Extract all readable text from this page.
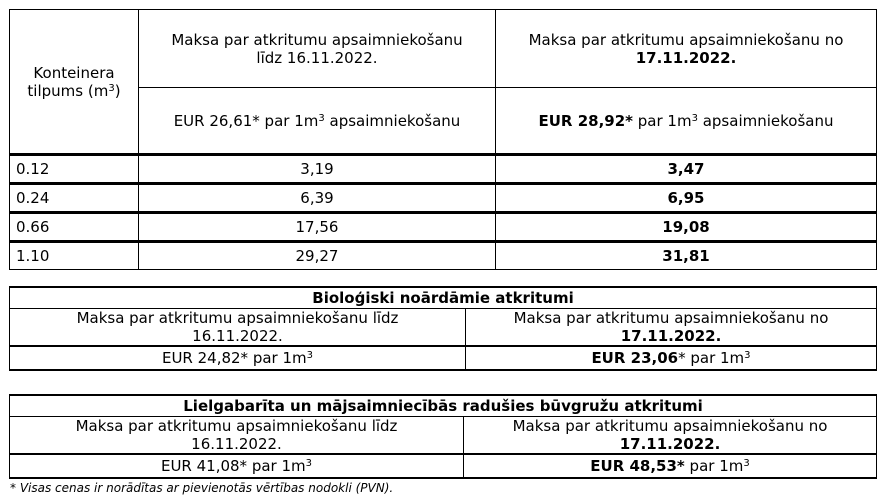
Konteinera tilpums $(m^3)$	Maksa par atkritumu apsaimniekošanu līdz 16.11.2022.	Maksa par atkritumu apsaimniekošanu no
17.11.2022.
	EUR 26,61* par $1m^3$ apsaimniekošanu	EUR 28,92* par $1m^3$ apsaimniekošanu
0.12	3,19	3,47
0.24	6,39	6,95
0.66	17,56	19,08
1.10	29,27	31,81
Bioloģiski noārdāmie atkritumi	
Maksa par atkritumu apsaimniekošanu līdz 16.11.2022.	Maksa par atkritumu apsaimniekošanu no
17.11.2022.
EUR 24,82* par $1m^3$	EUR 23,06* par $1m^3$
Lielgabarīta un mājsaimniecībās radušies būvgružu atkritumi	
Maksa par atkritumu apsaimniekošanu līdz 16.11.2022.	Maksa par atkritumu apsaimniekošanu no
17.11.2022.
EUR 41,08* par $1m^3$	EUR 48,53* par $1m^3$
* Visas cenas ir norādītas ar pievienotās vērtības nodokli (PVN).
